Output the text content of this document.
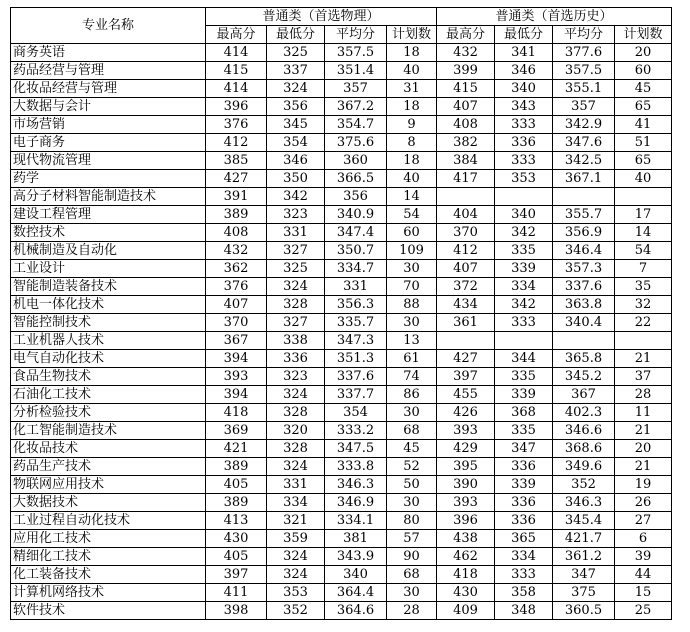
专业名称	普通类（首选物理）				普通类（首选历史）			
	最高分	最低分	平均分	计划数	最高分	最低分	平均分	计划数
商务英语	414	325	357.5	18	432	341	377.6	20
药品经营与管理	415	337	351.4	40	399	346	357.5	60
化妆品经营与管理	414	324	357	31	415	340	355.1	45
大数据与会计	396	356	367.2	18	407	343	357	65
市场营销	376	345	354.7	9	408	333	342.9	41
电子商务	412	354	375.6	8	382	336	347.6	51
现代物流管理	385	346	360	18	384	333	342.5	65
药学	427	350	366.5	40	417	353	367.1	40
高分子材料智能制造技术	391	342	356	14				
建设工程管理	389	323	340.9	54	404	340	355.7	17
数控技术	408	331	347.4	60	370	342	356.9	14
机械制造及自动化	432	327	350.7	109	412	335	346.4	54
工业设计	362	325	334.7	30	407	339	357.3	7
智能制造装备技术	376	324	331	70	372	334	337.6	35
机电一体化技术	407	328	356.3	88	434	342	363.8	32
智能控制技术	370	327	335.7	30	361	333	340.4	22
工业机器人技术	367	338	347.3	13				
电气自动化技术	394	336	351.3	61	427	344	365.8	21
食品生物技术	393	323	337.6	74	397	335	345.2	37
石油化工技术	394	324	337.7	86	455	339	367	28
分析检验技术	418	328	354	30	426	368	402.3	11
化工智能制造技术	369	320	333.2	68	393	335	346.6	21
化妆品技术	421	328	347.5	45	429	347	368.6	20
药品生产技术	389	324	333.8	52	395	336	349.6	21
物联网应用技术	405	331	346.3	50	390	339	352	19
大数据技术	389	334	346.9	30	393	336	346.3	26
工业过程自动化技术	413	321	334.1	80	396	336	345.4	27
应用化工技术	430	359	381	57	438	365	421.7	6
精细化工技术	405	324	343.9	90	462	334	361.2	39
化工装备技术	397	324	340	68	418	333	347	44
计算机网络技术	411	353	364.4	30	430	358	375	15
软件技术	398	352	364.6	28	409	348	360.5	25
